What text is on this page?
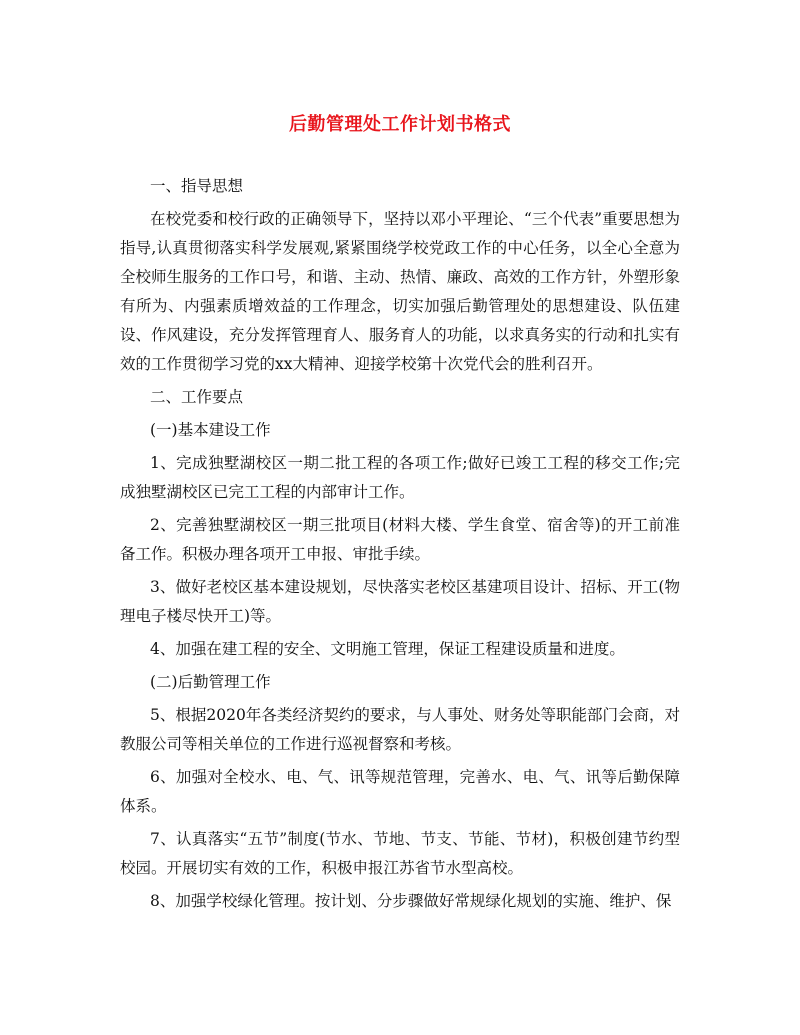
后勤管理处工作计划书格式
一、指导思想

在校党委和校行政的正确领导下，坚持以邓小平理论、“三个代表”重要思想为指导,认真贯彻落实科学发展观,紧紧围绕学校党政工作的中心任务，以全心全意为全校师生服务的工作口号，和谐、主动、热情、廉政、高效的工作方针，外塑形象有所为、内强素质增效益的工作理念，切实加强后勤管理处的思想建设、队伍建设、作风建设，充分发挥管理育人、服务育人的功能，以求真务实的行动和扎实有效的工作贯彻学习党的xx大精神、迎接学校第十次党代会的胜利召开。

二、工作要点
(一)基本建设工作

1、完成独墅湖校区一期二批工程的各项工作;做好已竣工工程的移交工作;完成独墅湖校区已完工工程的内部审计工作。

2、完善独墅湖校区一期三批项目(材料大楼、学生食堂、宿舍等)的开工前准备工作。积极办理各项开工申报、审批手续。

3、做好老校区基本建设规划，尽快落实老校区基建项目设计、招标、开工(物理电子楼尽快开工)等。

4、加强在建工程的安全、文明施工管理，保证工程建设质量和进度。

(二)后勤管理工作

5、根据2020年各类经济契约的要求，与人事处、财务处等职能部门会商，对教服公司等相关单位的工作进行巡视督察和考核。

6、加强对全校水、电、气、讯等规范管理，完善水、电、气、讯等后勤保障体系。

7、认真落实“五节”制度(节水、节地、节支、节能、节材)，积极创建节约型校园。开展切实有效的工作，积极申报江苏省节水型高校。

8、加强学校绿化管理。按计划、分步骤做好常规绿化规划的实施、维护、保
